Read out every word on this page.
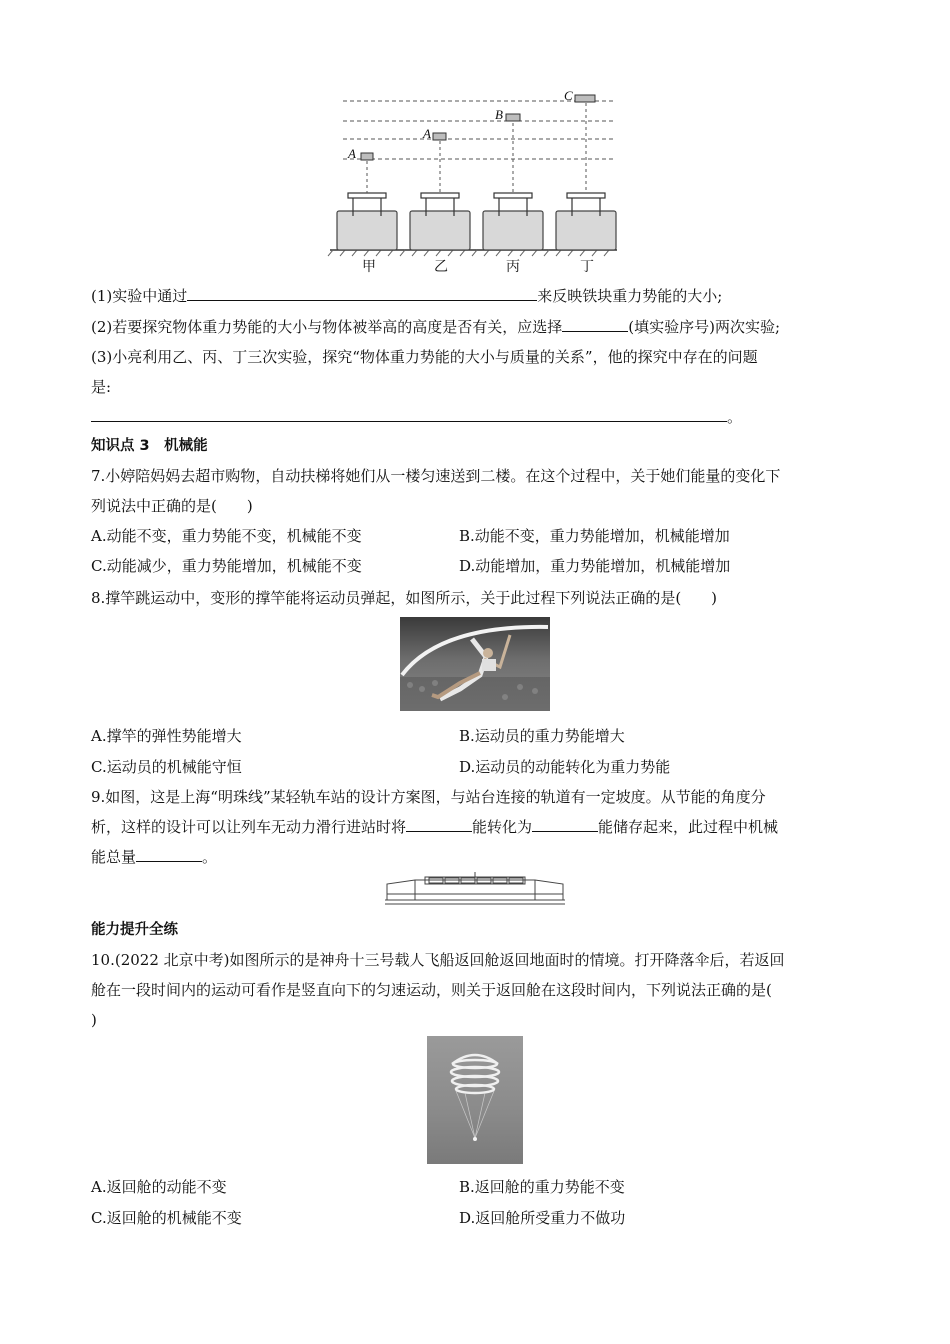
A
A
B
C
甲	乙	丙	丁
(1)实验中通过	来反映铁块重力势能的大小;
(2)若要探究物体重力势能的大小与物体被举高的高度是否有关，应选择	(填实验序号)两次实验;
(3)小亮利用乙、丙、丁三次实验，探究“物体重力势能的大小与质量的关系”，他的探究中存在的问题
是:
。
知识点 3　机械能
7.小婷陪妈妈去超市购物，自动扶梯将她们从一楼匀速送到二楼。在这个过程中，关于她们能量的变化下
列说法中正确的是(　　)
A.动能不变，重力势能不变，机械能不变	B.动能不变，重力势能增加，机械能增加
C.动能减少，重力势能增加，机械能不变	D.动能增加，重力势能增加，机械能增加
8.撑竿跳运动中，变形的撑竿能将运动员弹起，如图所示，关于此过程下列说法正确的是(　　)
A.撑竿的弹性势能增大	B.运动员的重力势能增大
C.运动员的机械能守恒	D.运动员的动能转化为重力势能
9.如图，这是上海“明珠线”某轻轨车站的设计方案图，与站台连接的轨道有一定坡度。从节能的角度分
析，这样的设计可以让列车无动力滑行进站时将	能转化为	能储存起来，此过程中机械
能总量	。
能力提升全练
10.(2022 北京中考)如图所示的是神舟十三号载人飞船返回舱返回地面时的情境。打开降落伞后，若返回
舱在一段时间内的运动可看作是竖直向下的匀速运动，则关于返回舱在这段时间内，下列说法正确的是(
)
A.返回舱的动能不变	B.返回舱的重力势能不变
C.返回舱的机械能不变	D.返回舱所受重力不做功
